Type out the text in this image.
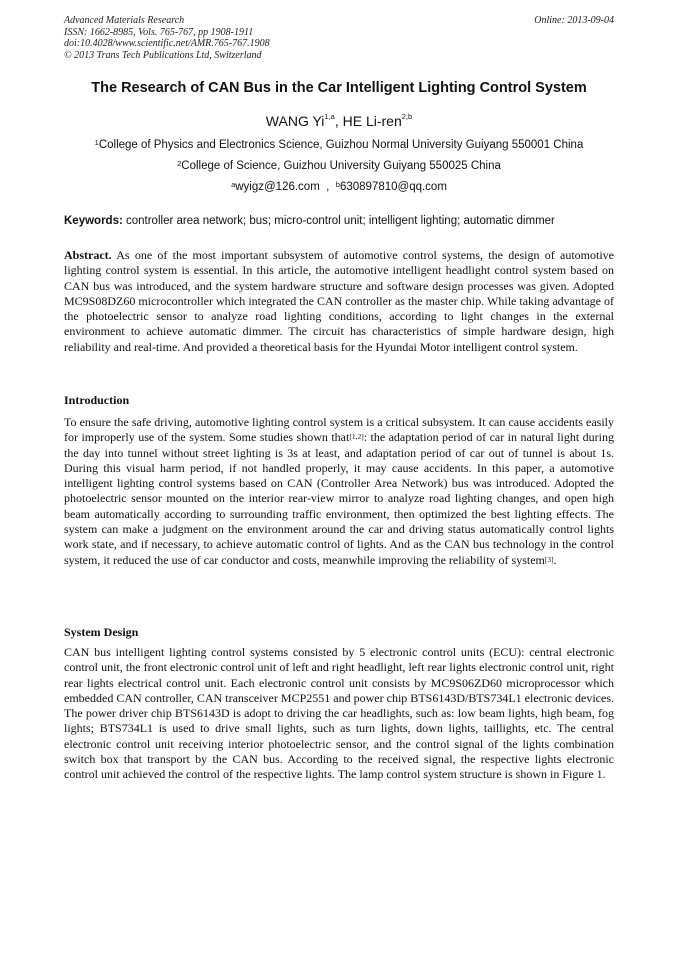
Advanced Materials Research
ISSN: 1662-8985, Vols. 765-767, pp 1908-1911
doi:10.4028/www.scientific.net/AMR.765-767.1908
© 2013 Trans Tech Publications Ltd, Switzerland
Online: 2013-09-04
The Research of CAN Bus in the Car Intelligent Lighting Control System
WANG Yi$^{1,a}$, HE Li-ren$^{2,b}$
$^1$College of Physics and Electronics Science, Guizhou Normal University Guiyang 550001 China
$^2$College of Science, Guizhou University Guiyang 550025 China
$^a$wyigz@126.com  ,  $^b$630897810@qq.com
Keywords: controller area network; bus; micro-control unit; intelligent lighting; automatic dimmer

Abstract. As one of the most important subsystem of automotive control systems, the design of automotive lighting control system is essential. In this article, the automotive intelligent headlight control system based on CAN bus was introduced, and the system hardware structure and software design processes was given. Adopted MC9S08DZ60 microcontroller which integrated the CAN controller as the master chip. While taking advantage of the photoelectric sensor to analyze road lighting conditions, according to light changes in the external environment to achieve automatic dimmer. The circuit has characteristics of simple hardware design, high reliability and real-time. And provided a theoretical basis for the Hyundai Motor intelligent control system.

Introduction

To ensure the safe driving, automotive lighting control system is a critical subsystem. It can cause accidents easily for improperly use of the system. Some studies shown that[1,2]: the adaptation period of car in natural light during the day into tunnel without street lighting is 3s at least, and adaptation period of car out of tunnel is about 1s. During this visual harm period, if not handled properly, it may cause accidents. In this paper, a automotive intelligent lighting control systems based on CAN (Controller Area Network) bus was introduced. Adopted the photoelectric sensor mounted on the interior rear-view mirror to analyze road lighting changes, and open high beam automatically according to surrounding traffic environment, then optimized the best lighting effects. The system can make a judgment on the environment around the car and driving status automatically control lights work state, and if necessary, to achieve automatic control of lights. And as the CAN bus technology in the control system, it reduced the use of car conductor and costs, meanwhile improving the reliability of system[3].

System Design

CAN bus intelligent lighting control systems consisted by 5 electronic control units (ECU): central electronic control unit, the front electronic control unit of left and right headlight, left rear lights electronic control unit, right rear lights electrical control unit. Each electronic control unit consists by MC9S06ZD60 microprocessor which embedded CAN controller, CAN transceiver MCP2551 and power chip BTS6143D/BTS734L1 electronic devices. The power driver chip BTS6143D is adopt to driving the car headlights, such as: low beam lights, high beam, fog lights; BTS734L1 is used to drive small lights, such as turn lights, down lights, taillights, etc. The central electronic control unit receiving interior photoelectric sensor, and the control signal of the lights combination switch box that transport by the CAN bus. According to the received signal, the respective lights electronic control unit achieved the control of the respective lights. The lamp control system structure is shown in Figure 1.
